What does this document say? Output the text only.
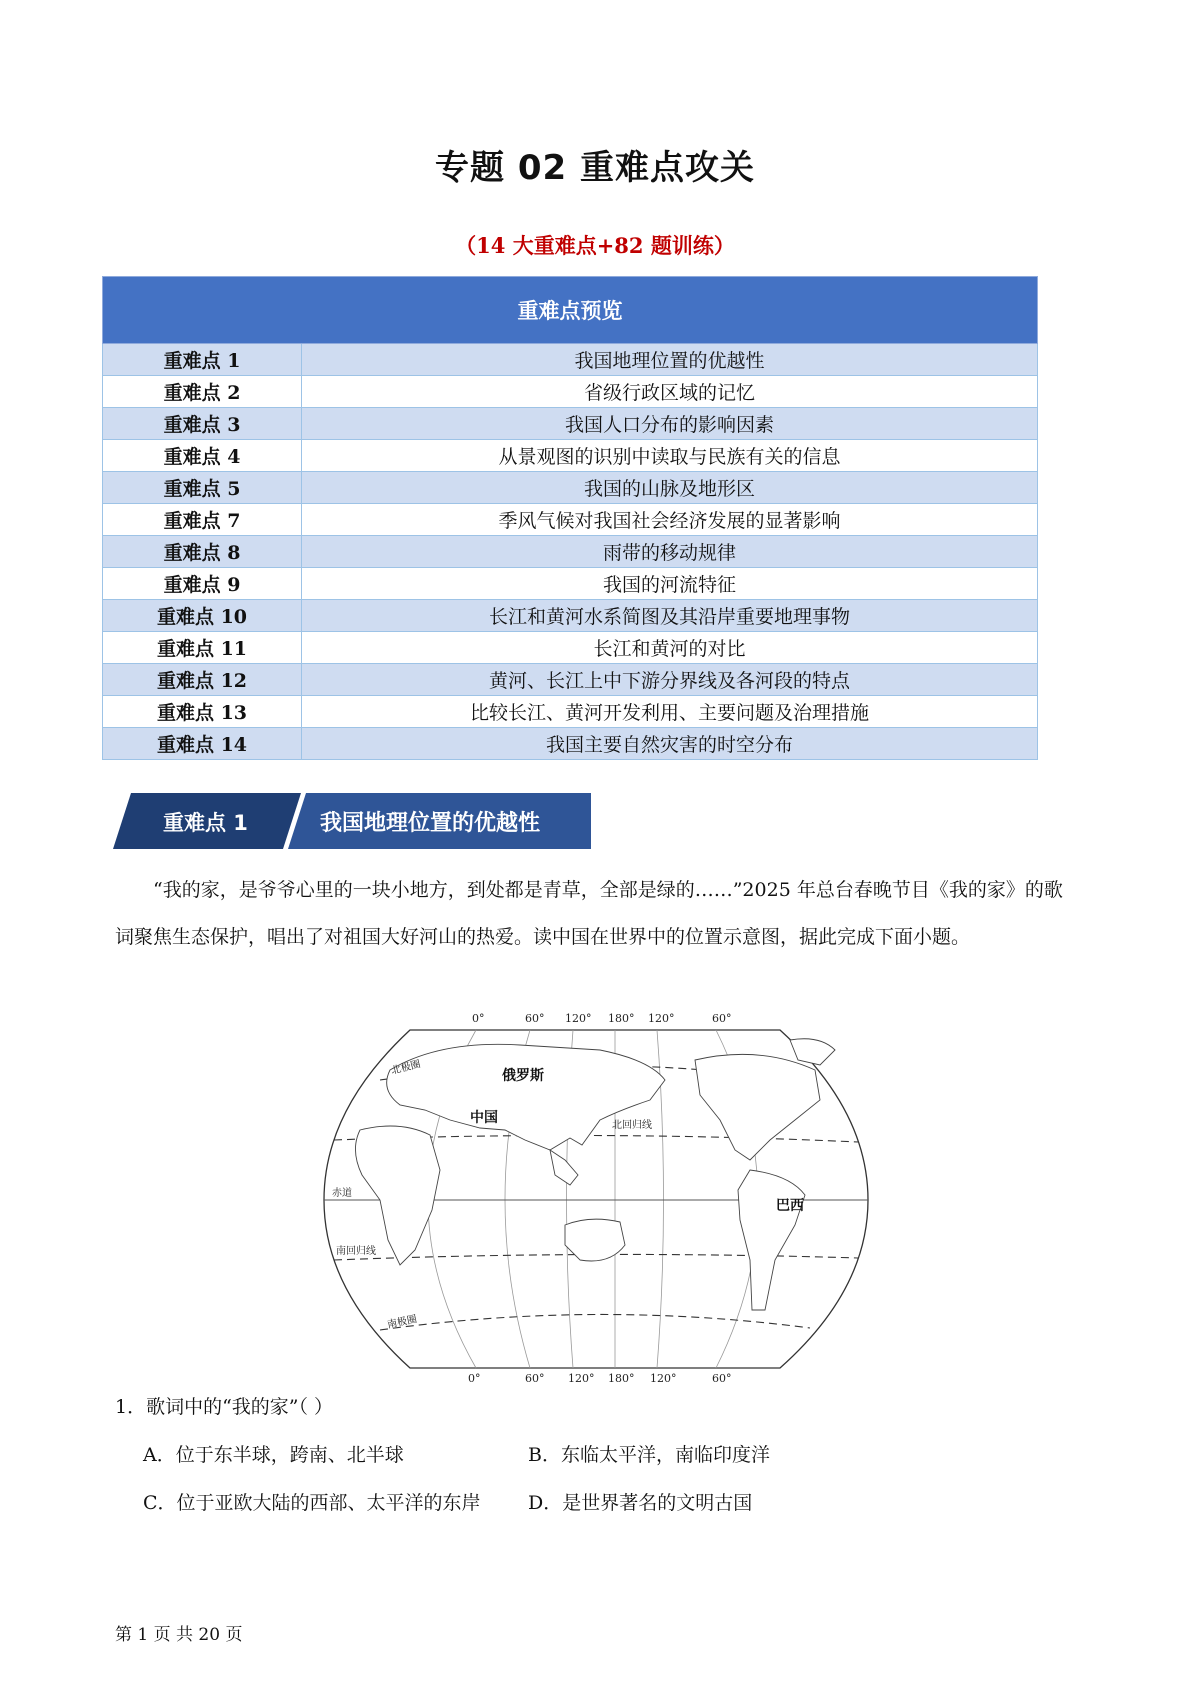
专题 02 重难点攻关
（14 大重难点+82 题训练）
重难点预览	
重难点 1	我国地理位置的优越性
重难点 2	省级行政区域的记忆
重难点 3	我国人口分布的影响因素
重难点 4	从景观图的识别中读取与民族有关的信息
重难点 5	我国的山脉及地形区
重难点 7	季风气候对我国社会经济发展的显著影响
重难点 8	雨带的移动规律
重难点 9	我国的河流特征
重难点 10	长江和黄河水系简图及其沿岸重要地理事物
重难点 11	长江和黄河的对比
重难点 12	黄河、长江上中下游分界线及各河段的特点
重难点 13	比较长江、黄河开发利用、主要问题及治理措施
重难点 14	我国主要自然灾害的时空分布
重难点 1	我国地理位置的优越性
“我的家，是爷爷心里的一块小地方，到处都是青草，全部是绿的……”2025 年总台春晚节目《我的家》的歌词聚焦生态保护，唱出了对祖国大好河山的热爱。读中国在世界中的位置示意图，据此完成下面小题。
0°	60° 120° 180° 120°	60°
0°	60° 120° 180° 120°	60°
北极圈
北回归线
赤道
南回归线
南极圈
俄罗斯
中国
巴西
1．歌词中的“我的家”（ ）
A．位于东半球，跨南、北半球	B．东临太平洋，南临印度洋
C．位于亚欧大陆的西部、太平洋的东岸 D．是世界著名的文明古国
第 1 页 共 20 页
